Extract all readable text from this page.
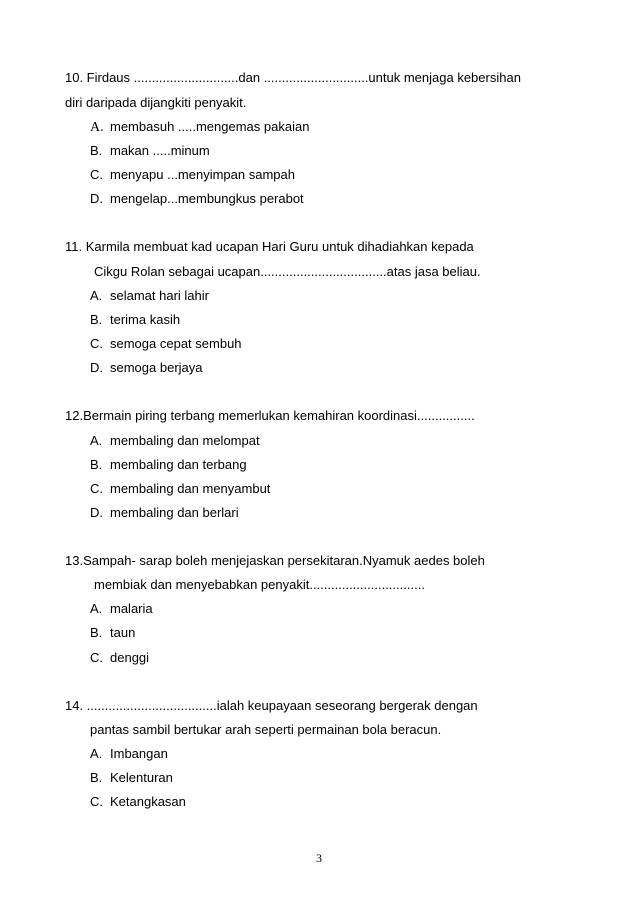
10. Firdaus .............................dan .............................untuk menjaga kebersihan
diri daripada dijangkiti penyakit.
A. membasuh .....mengemas pakaian
B. makan .....minum
C. menyapu ...menyimpan sampah
D. mengelap...membungkus perabot
11. Karmila membuat kad ucapan Hari Guru untuk dihadiahkan kepada
Cikgu Rolan sebagai ucapan...................................atas jasa beliau.
A. selamat hari lahir
B. terima kasih
C. semoga cepat sembuh
D. semoga berjaya
12.Bermain piring terbang memerlukan kemahiran koordinasi................
A. membaling dan melompat
B. membaling dan terbang
C. membaling dan menyambut
D. membaling dan berlari
13.Sampah- sarap boleh menjejaskan persekitaran.Nyamuk aedes boleh
membiak dan menyebabkan penyakit................................
A. malaria
B. taun
C. denggi
14. ....................................ialah keupayaan seseorang bergerak dengan
pantas sambil bertukar arah seperti permainan bola beracun.
A. Imbangan
B. Kelenturan
C. Ketangkasan
3
